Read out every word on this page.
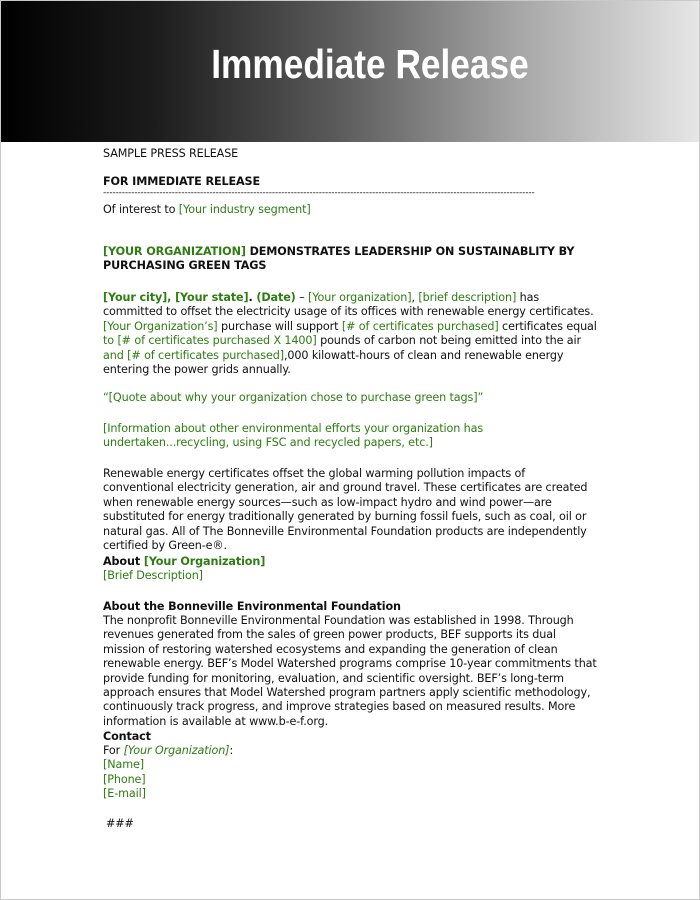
Immediate Release

SAMPLE PRESS RELEASE

FOR IMMEDIATE RELEASE

------------------------------------------------------------------------------------------------------------------------------------------

Of interest to [Your industry segment]

[YOUR ORGANIZATION] DEMONSTRATES LEADERSHIP ON SUSTAINABLITY BY PURCHASING GREEN TAGS

[Your city], [Your state]. (Date) – [Your organization], [brief description] has committed to offset the electricity usage of its offices with renewable energy certificates. [Your Organization’s] purchase will support [# of certificates purchased] certificates equal to [# of certificates purchased X 1400] pounds of carbon not being emitted into the air and [# of certificates purchased],000 kilowatt-hours of clean and renewable energy entering the power grids annually.

“[Quote about why your organization chose to purchase green tags]”

[Information about other environmental efforts your organization has undertaken...recycling, using FSC and recycled papers, etc.]

Renewable energy certificates offset the global warming pollution impacts of conventional electricity generation, air and ground travel. These certificates are created when renewable energy sources—such as low-impact hydro and wind power—are substituted for energy traditionally generated by burning fossil fuels, such as coal, oil or natural gas. All of The Bonneville Environmental Foundation products are independently certified by Green-e®.

About [Your Organization]

[Brief Description]

About the Bonneville Environmental Foundation

The nonprofit Bonneville Environmental Foundation was established in 1998. Through revenues generated from the sales of green power products, BEF supports its dual mission of restoring watershed ecosystems and expanding the generation of clean renewable energy. BEF’s Model Watershed programs comprise 10-year commitments that provide funding for monitoring, evaluation, and scientific oversight. BEF’s long-term approach ensures that Model Watershed program partners apply scientific methodology, continuously track progress, and improve strategies based on measured results. More information is available at www.b-e-f.org.

Contact

For [Your Organization]:

[Name]

[Phone]

[E-mail]

###
